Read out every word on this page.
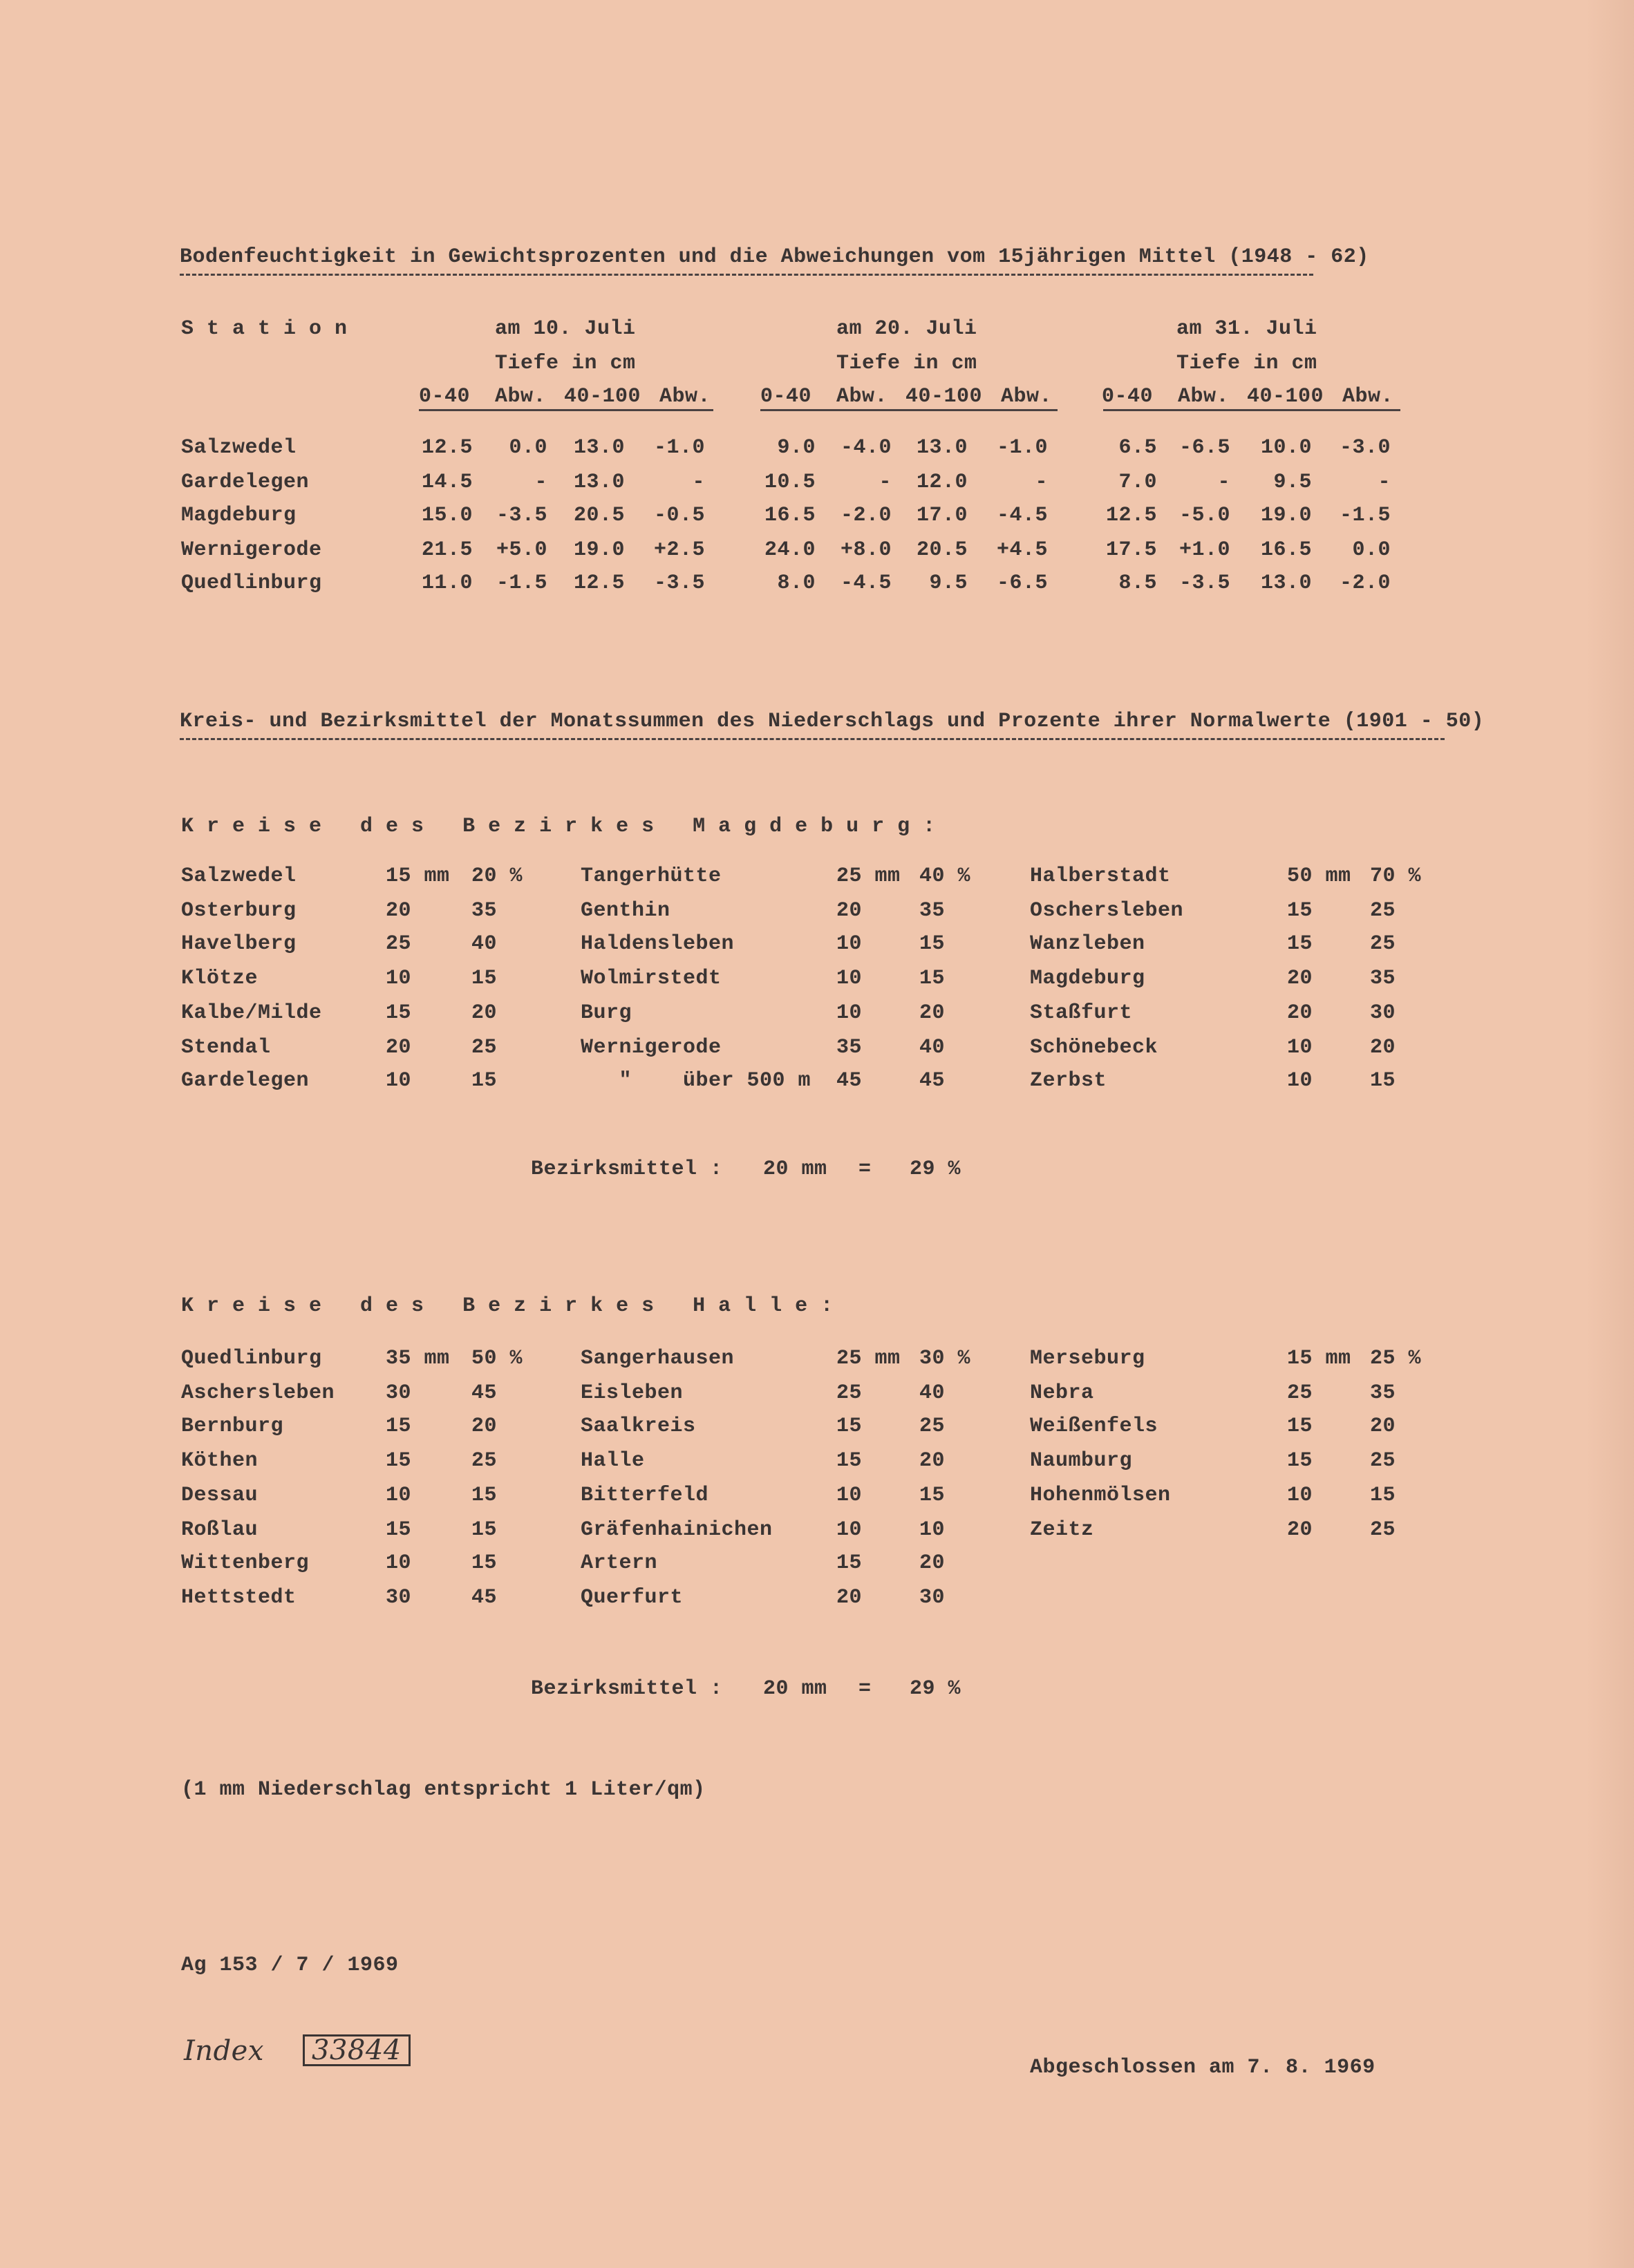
Bodenfeuchtigkeit in Gewichtsprozenten und die Abweichungen vom 15jährigen Mittel (1948 - 62)
S t a t i o n	am 10. Juli	am 20. Juli	am 31. Juli
Tiefe in cm	Tiefe in cm	Tiefe in cm
0-40 Abw. 40-100 Abw. 0-40 Abw. 40-100 Abw. 0-40 Abw. 40-100 Abw.
Salzwedel	12.5	0.0	13.0	-1.0	9.0	-4.0	13.0	-1.0	6.5	-6.5	10.0	-3.0
Gardelegen	14.5	-	13.0	-	10.5	-	12.0	-	7.0	-	9.5	-
Magdeburg	15.0	-3.5	20.5	-0.5	16.5	-2.0	17.0	-4.5	12.5	-5.0	19.0	-1.5
Wernigerode	21.5	+5.0	19.0	+2.5	24.0	+8.0	20.5	+4.5	17.5	+1.0	16.5	0.0
Quedlinburg	11.0	-1.5	12.5	-3.5	8.0	-4.5	9.5	-6.5	8.5	-3.5	13.0	-2.0
Kreis- und Bezirksmittel der Monatssummen des Niederschlags und Prozente ihrer Normalwerte (1901 - 50)
K r e i s e   d e s   B e z i r k e s   M a g d e b u r g :
Salzwedel	15 mm 20 %
Osterburg	20	35
Havelberg	25	40
Klötze	10	15
Kalbe/Milde	15	20
Stendal	20	25
Gardelegen	10	15
Tangerhütte	25 mm 40 %
Genthin	20	35
Haldensleben	10	15
Wolmirstedt	10	15
Burg	10	20
Wernigerode	35	40
"    über 500 m 45	45
Halberstadt	50 mm 70 %
Oschersleben	15	25
Wanzleben	15	25
Magdeburg	20	35
Staßfurt	20	30
Schönebeck	10	20
Zerbst	10	15
Bezirksmittel : 20 mm = 29 %
K r e i s e   d e s   B e z i r k e s   H a l l e :
Quedlinburg	35 mm 50 %
Aschersleben 30	45
Bernburg	15	20
Köthen	15	25
Dessau	10	15
Roßlau	15	15
Wittenberg	10	15
Hettstedt	30	45
Sangerhausen	25 mm 30 %
Eisleben	25	40
Saalkreis	15	25
Halle	15	20
Bitterfeld	10	15
Gräfenhainichen	10	10
Artern	15	20
Querfurt	20	30
Merseburg	15 mm 25 %
Nebra	25	35
Weißenfels	15	20
Naumburg	15	25
Hohenmölsen	10	15
Zeitz	20	25
Bezirksmittel : 20 mm = 29 %
(1 mm Niederschlag entspricht 1 Liter/qm)
Ag 153 / 7 / 1969
Index	33844
Abgeschlossen am 7. 8. 1969
